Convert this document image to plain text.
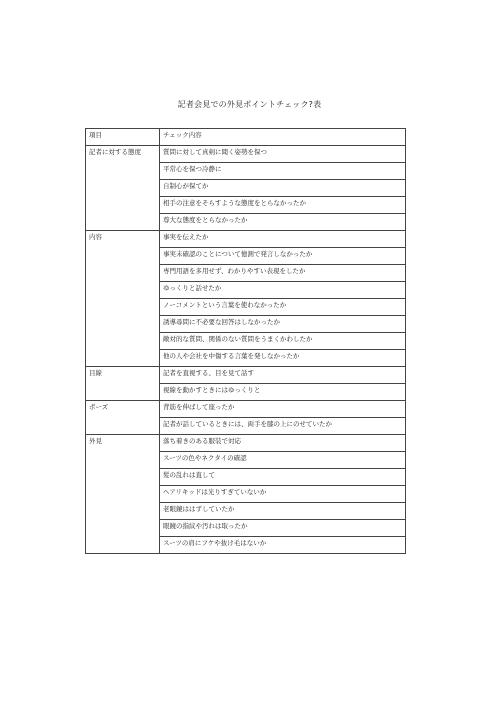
記者会見での外見ポイントチェック?表
項目	チェック内容
記者に対する態度	質問に対して真剣に聞く姿勢を保つ
	平常心を保つ冷静に
	自制心が保てか
	相手の注意をそらすような態度をとらなかったか
	尊大な態度をとらなかったか
内容	事実を伝えたか
	事実未確認のことについて憶測で発言しなかったか
	専門用語を多用せず、わかりやすい表現をしたか
	ゆっくりと話せたか
	ノーコメントという言葉を使わなかったか
	誘導尋問に不必要な回答はしなかったか
	敵対的な質問、関係のない質問をうまくかわしたか
	他の人や会社を中傷する言葉を発しなかったか
目線	記者を直視する、目を見て話す
	視線を動かすときにはゆっくりと
ポーズ	背筋を伸ばして座ったか
	記者が話しているときには、両手を膝の上にのせていたか
外見	落ち着きのある服装で対応
	スーツの色やネクタイの確認
	髪の乱れは直して
	ヘアリキッドは光りすぎていないか
	老眼鏡ははずしていたか
	眼鏡の指紋や汚れは取ったか
	スーツの肩にフケや抜け毛はないか
